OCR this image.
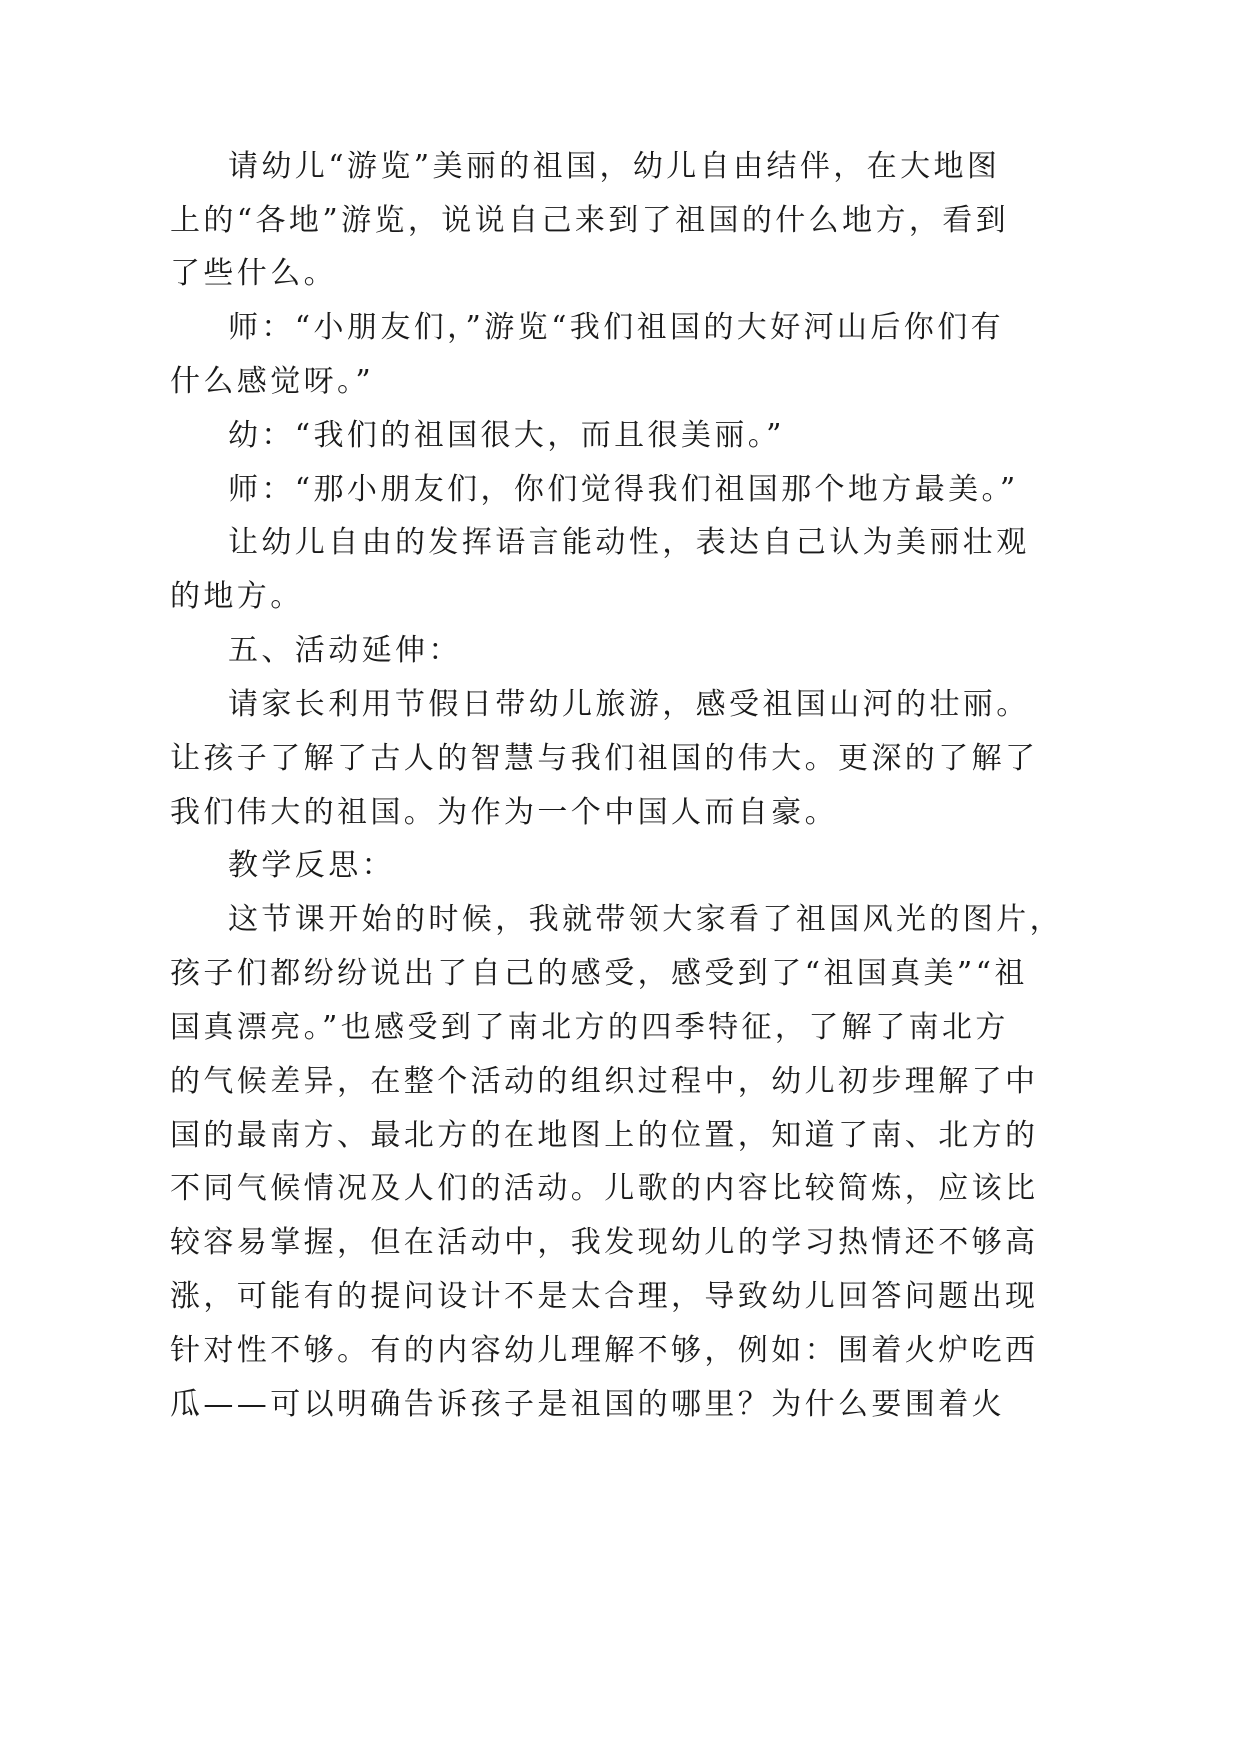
请幼儿“游览”美丽的祖国，幼儿自由结伴，在大地图
上的“各地”游览，说说自己来到了祖国的什么地方，看到
了些什么。
师：“小朋友们，”游览“我们祖国的大好河山后你们有
什么感觉呀。”
幼：“我们的祖国很大，而且很美丽。”
师：“那小朋友们，你们觉得我们祖国那个地方最美。”
让幼儿自由的发挥语言能动性，表达自己认为美丽壮观
的地方。
五、活动延伸：
请家长利用节假日带幼儿旅游，感受祖国山河的壮丽。
让孩子了解了古人的智慧与我们祖国的伟大。更深的了解了
我们伟大的祖国。为作为一个中国人而自豪。
教学反思：
这节课开始的时候，我就带领大家看了祖国风光的图片，
孩子们都纷纷说出了自己的感受，感受到了“祖国真美”“祖
国真漂亮。”也感受到了南北方的四季特征，了解了南北方
的气候差异，在整个活动的组织过程中，幼儿初步理解了中
国的最南方、最北方的在地图上的位置，知道了南、北方的
不同气候情况及人们的活动。儿歌的内容比较简炼，应该比
较容易掌握，但在活动中，我发现幼儿的学习热情还不够高
涨，可能有的提问设计不是太合理，导致幼儿回答问题出现
针对性不够。有的内容幼儿理解不够，例如：围着火炉吃西
瓜——可以明确告诉孩子是祖国的哪里？为什么要围着火
